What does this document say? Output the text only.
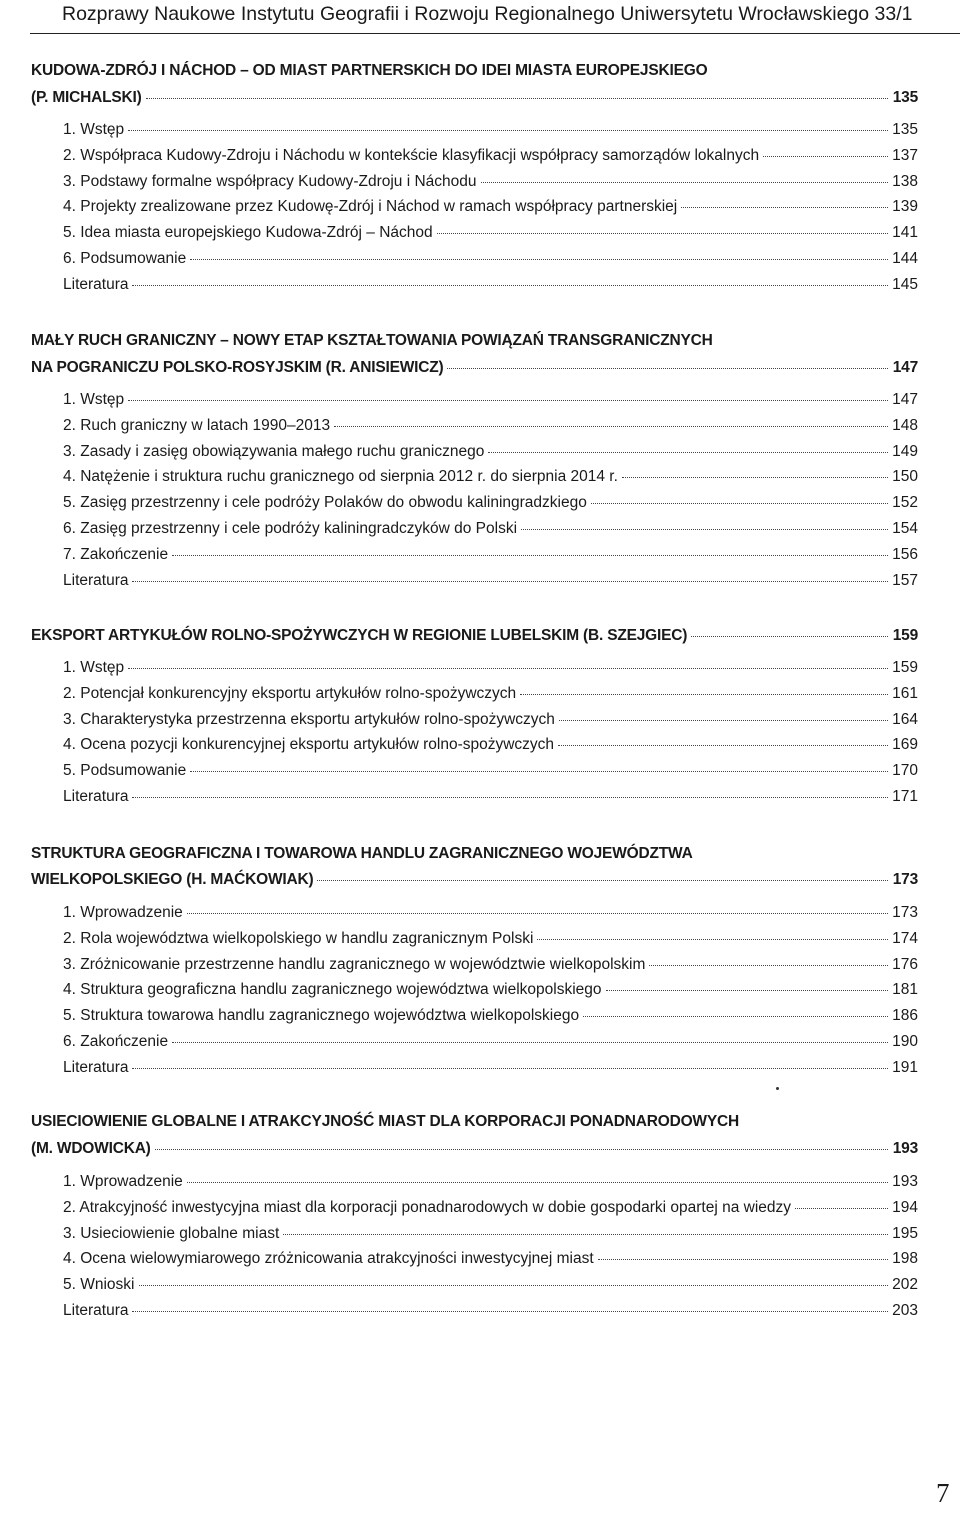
Rozprawy Naukowe Instytutu Geografii i Rozwoju Regionalnego Uniwersytetu Wrocławskiego 33/1
KUDOWA-ZDRÓJ I NÁCHOD – OD MIAST PARTNERSKICH DO IDEI MIASTA EUROPEJSKIEGO
(P. MICHALSKI)	135
1. Wstęp	135
2. Współpraca Kudowy-Zdroju i Náchodu w kontekście klasyfikacji współpracy samorządów lokalnych	137
3. Podstawy formalne współpracy Kudowy-Zdroju i Náchodu	138
4. Projekty zrealizowane przez Kudowę-Zdrój i Náchod w ramach współpracy partnerskiej	139
5. Idea miasta europejskiego Kudowa-Zdrój – Náchod	141
6. Podsumowanie	144
Literatura	145
MAŁY RUCH GRANICZNY – NOWY ETAP KSZTAŁTOWANIA POWIĄZAŃ TRANSGRANICZNYCH
NA POGRANICZU POLSKO-ROSYJSKIM (R. ANISIEWICZ)	147
1. Wstęp	147
2. Ruch graniczny w latach 1990–2013	148
3. Zasady i zasięg obowiązywania małego ruchu granicznego	149
4. Natężenie i struktura ruchu granicznego od sierpnia 2012 r. do sierpnia 2014 r.	150
5. Zasięg przestrzenny i cele podróży Polaków do obwodu kaliningradzkiego	152
6. Zasięg przestrzenny i cele podróży kaliningradczyków do Polski	154
7. Zakończenie	156
Literatura	157
EKSPORT ARTYKUŁÓW ROLNO-SPOŻYWCZYCH W REGIONIE LUBELSKIM (B. SZEJGIEC)	159
1. Wstęp	159
2. Potencjał konkurencyjny eksportu artykułów rolno-spożywczych	161
3. Charakterystyka przestrzenna eksportu artykułów rolno-spożywczych	164
4. Ocena pozycji konkurencyjnej eksportu artykułów rolno-spożywczych	169
5. Podsumowanie	170
Literatura	171
STRUKTURA GEOGRAFICZNA I TOWAROWA HANDLU ZAGRANICZNEGO WOJEWÓDZTWA
WIELKOPOLSKIEGO (H. MAĆKOWIAK)	173
1. Wprowadzenie	173
2. Rola województwa wielkopolskiego w handlu zagranicznym Polski	174
3. Zróżnicowanie przestrzenne handlu zagranicznego w województwie wielkopolskim	176
4. Struktura geograficzna handlu zagranicznego województwa wielkopolskiego	181
5. Struktura towarowa handlu zagranicznego województwa wielkopolskiego	186
6. Zakończenie	190
Literatura	191
USIECIOWIENIE GLOBALNE I ATRAKCYJNOŚĆ MIAST DLA KORPORACJI PONADNARODOWYCH
(M. WDOWICKA)	193
1. Wprowadzenie	193
2. Atrakcyjność inwestycyjna miast dla korporacji ponadnarodowych w dobie gospodarki opartej na wiedzy	194
3. Usieciowienie globalne miast	195
4. Ocena wielowymiarowego zróżnicowania atrakcyjności inwestycyjnej miast	198
5. Wnioski	202
Literatura	203
7
